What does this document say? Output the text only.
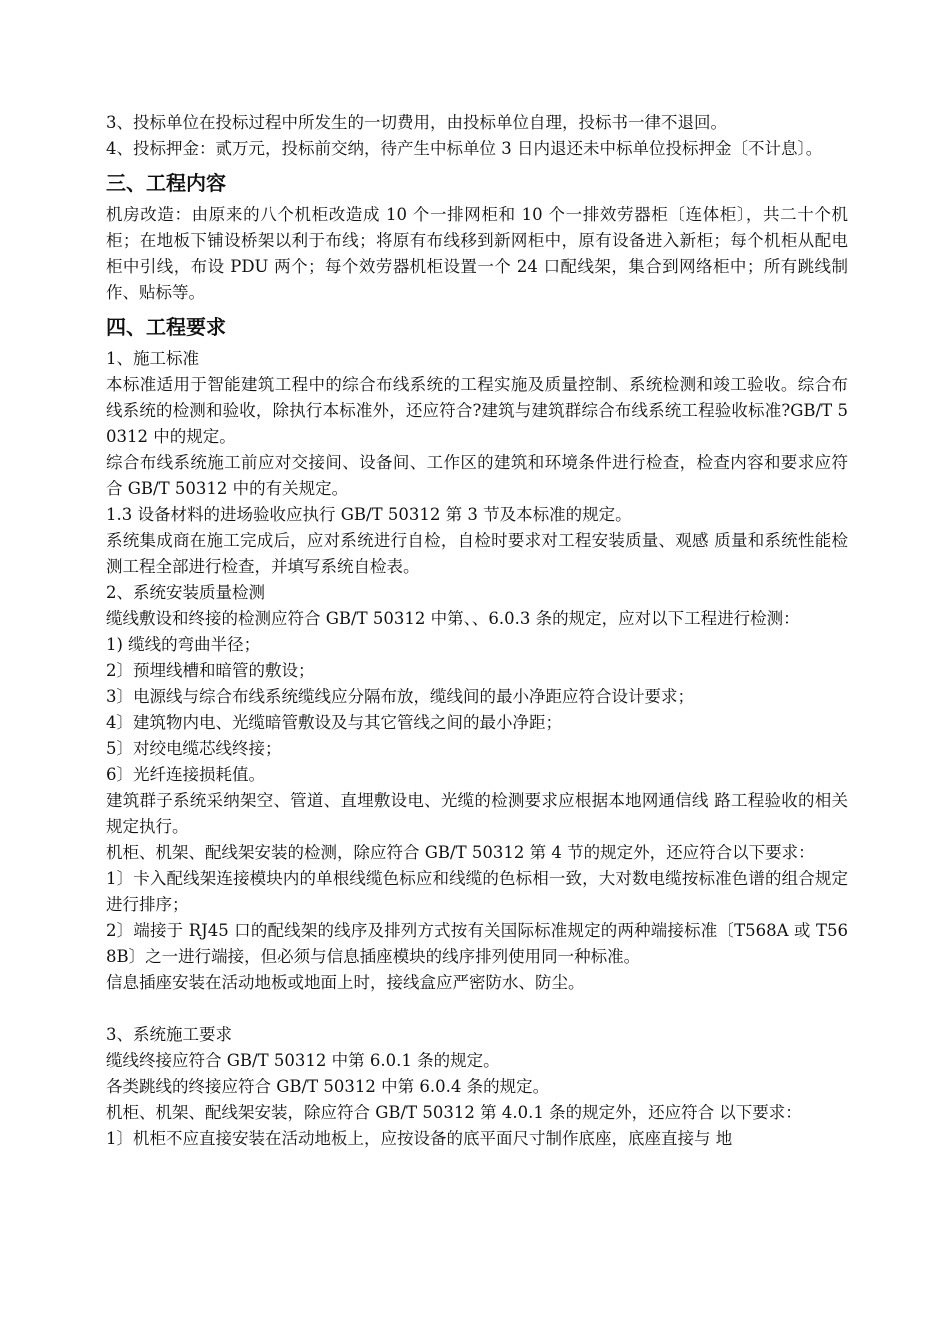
3、投标单位在投标过程中所发生的一切费用，由投标单位自理，投标书一律不退回。

4、投标押金：贰万元，投标前交纳，待产生中标单位 3 日内退还未中标单位投标押金〔不计息〕。

三、工程内容

机房改造：由原来的八个机柜改造成 10 个一排网柜和 10 个一排效劳器柜〔连体柜〕，共二十个机柜；在地板下铺设桥架以利于布线；将原有布线移到新网柜中，原有设备进入新柜；每个机柜从配电柜中引线，布设 PDU 两个；每个效劳器机柜设置一个 24 口配线架，集合到网络柜中；所有跳线制作、贴标等。

四、工程要求

1、施工标准

本标准适用于智能建筑工程中的综合布线系统的工程实施及质量控制、系统检测和竣工验收。综合布线系统的检测和验收，除执行本标准外，还应符合?建筑与建筑群综合布线系统工程验收标准?GB/T 50312 中的规定。

综合布线系统施工前应对交接间、设备间、工作区的建筑和环境条件进行检查，检查内容和要求应符合 GB/T 50312 中的有关规定。

1.3 设备材料的进场验收应执行 GB/T 50312 第 3 节及本标准的规定。

系统集成商在施工完成后，应对系统进行自检，自检时要求对工程安装质量、观感 质量和系统性能检测工程全部进行检查，并填写系统自检表。

2、系统安装质量检测

缆线敷设和终接的检测应符合 GB/T 50312 中第、、6.0.3 条的规定，应对以下工程进行检测：

1) 缆线的弯曲半径；

2〕预埋线槽和暗管的敷设；

3〕电源线与综合布线系统缆线应分隔布放，缆线间的最小净距应符合设计要求；

4〕建筑物内电、光缆暗管敷设及与其它管线之间的最小净距；

5〕对绞电缆芯线终接；

6〕光纤连接损耗值。

建筑群子系统采纳架空、管道、直埋敷设电、光缆的检测要求应根据本地网通信线 路工程验收的相关规定执行。

机柜、机架、配线架安装的检测，除应符合 GB/T 50312 第 4 节的规定外，还应符合以下要求：

1〕卡入配线架连接模块内的单根线缆色标应和线缆的色标相一致，大对数电缆按标准色谱的组合规定进行排序；

2〕端接于 RJ45 口的配线架的线序及排列方式按有关国际标准规定的两种端接标准〔T568A 或 T568B〕之一进行端接，但必须与信息插座模块的线序排列使用同一种标准。

信息插座安装在活动地板或地面上时，接线盒应严密防水、防尘。

3、系统施工要求

缆线终接应符合 GB/T 50312 中第 6.0.1 条的规定。

各类跳线的终接应符合 GB/T 50312 中第 6.0.4 条的规定。

机柜、机架、配线架安装，除应符合 GB/T 50312 第 4.0.1 条的规定外，还应符合 以下要求：

1〕机柜不应直接安装在活动地板上，应按设备的底平面尺寸制作底座，底座直接与 地
